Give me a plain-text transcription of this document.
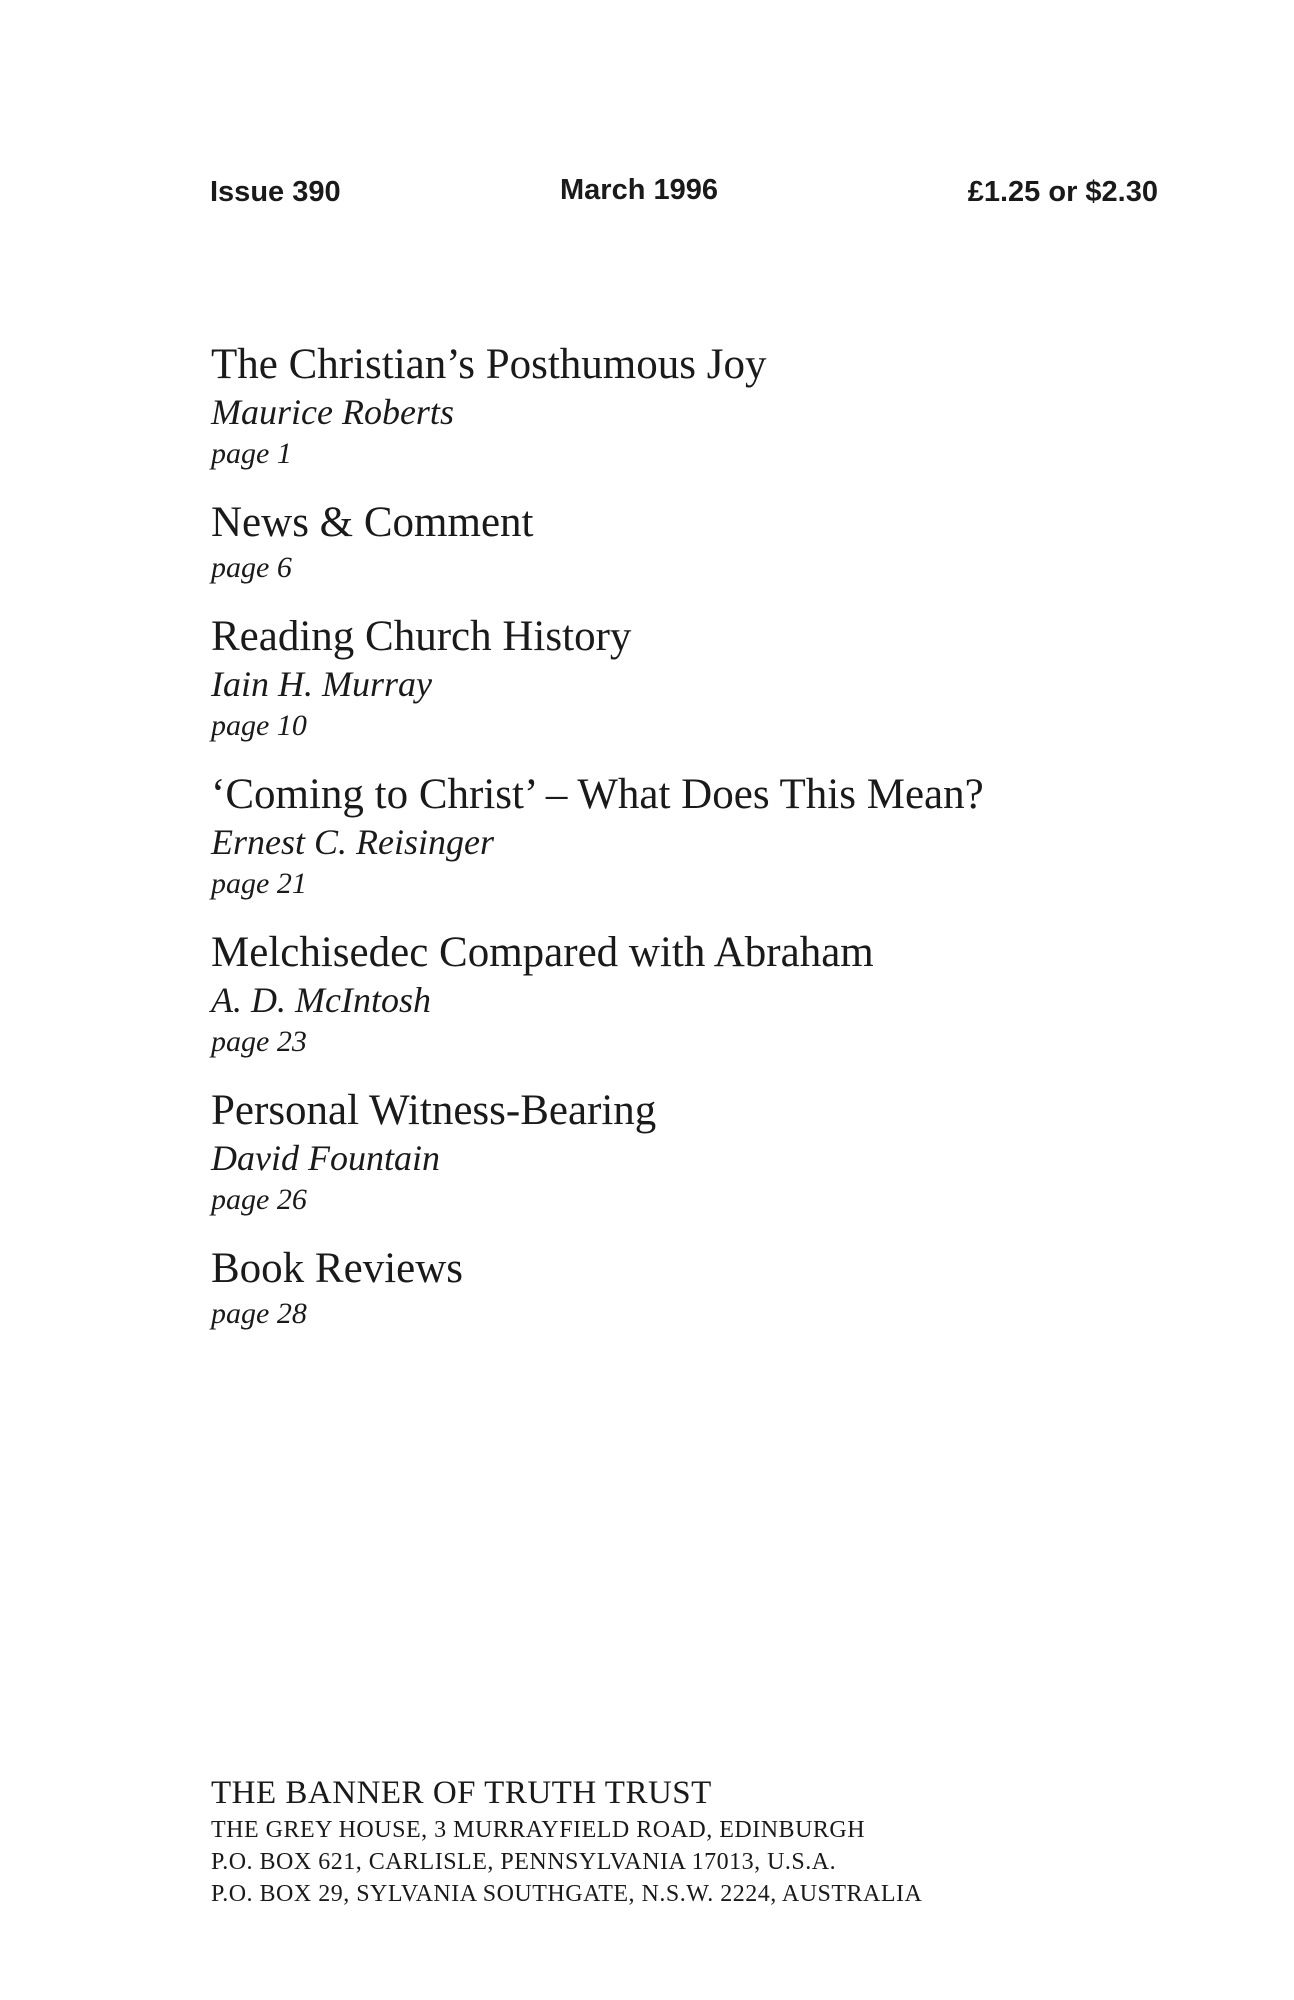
Issue 390	March 1996	£1.25 or $2.30
The Christian’s Posthumous Joy
Maurice Roberts
page 1
News & Comment
page 6
Reading Church History
Iain H. Murray
page 10
‘Coming to Christ’ – What Does This Mean?
Ernest C. Reisinger
page 21
Melchisedec Compared with Abraham
A. D. McIntosh
page 23
Personal Witness-Bearing
David Fountain
page 26
Book Reviews
page 28
THE BANNER OF TRUTH TRUST
THE GREY HOUSE, 3 MURRAYFIELD ROAD, EDINBURGH
P.O. BOX 621, CARLISLE, PENNSYLVANIA 17013, U.S.A.
P.O. BOX 29, SYLVANIA SOUTHGATE, N.S.W. 2224, AUSTRALIA
